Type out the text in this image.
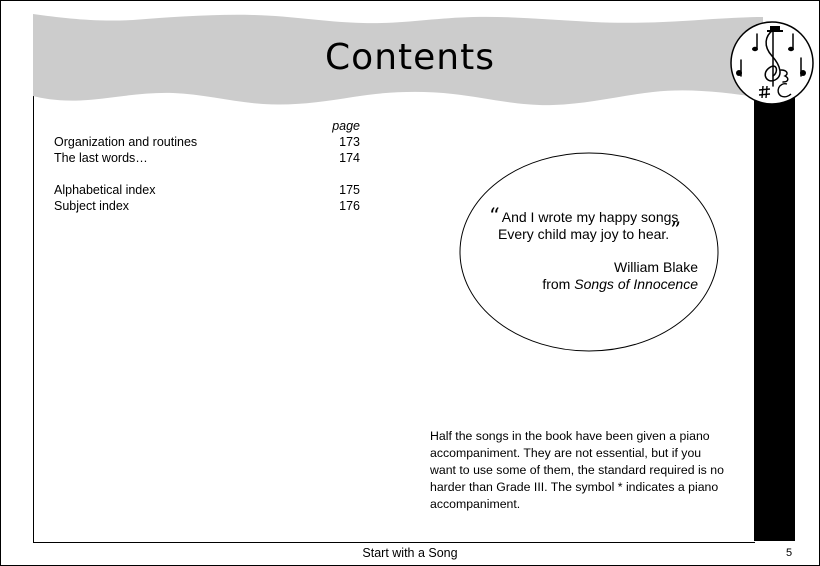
Contents
page
Organization and routines	173
The last words…	174
Alphabetical index	175
Subject index	176	“ And I wrote my happy songs
Every child may joy to hear.”
William Blake
from Songs of Innocence
Half the songs in the book have been given a piano accompaniment. They are not essential, but if you want to use some of them, the standard required is no harder than Grade III. The symbol * indicates a piano accompaniment.
Start with a Song	5
